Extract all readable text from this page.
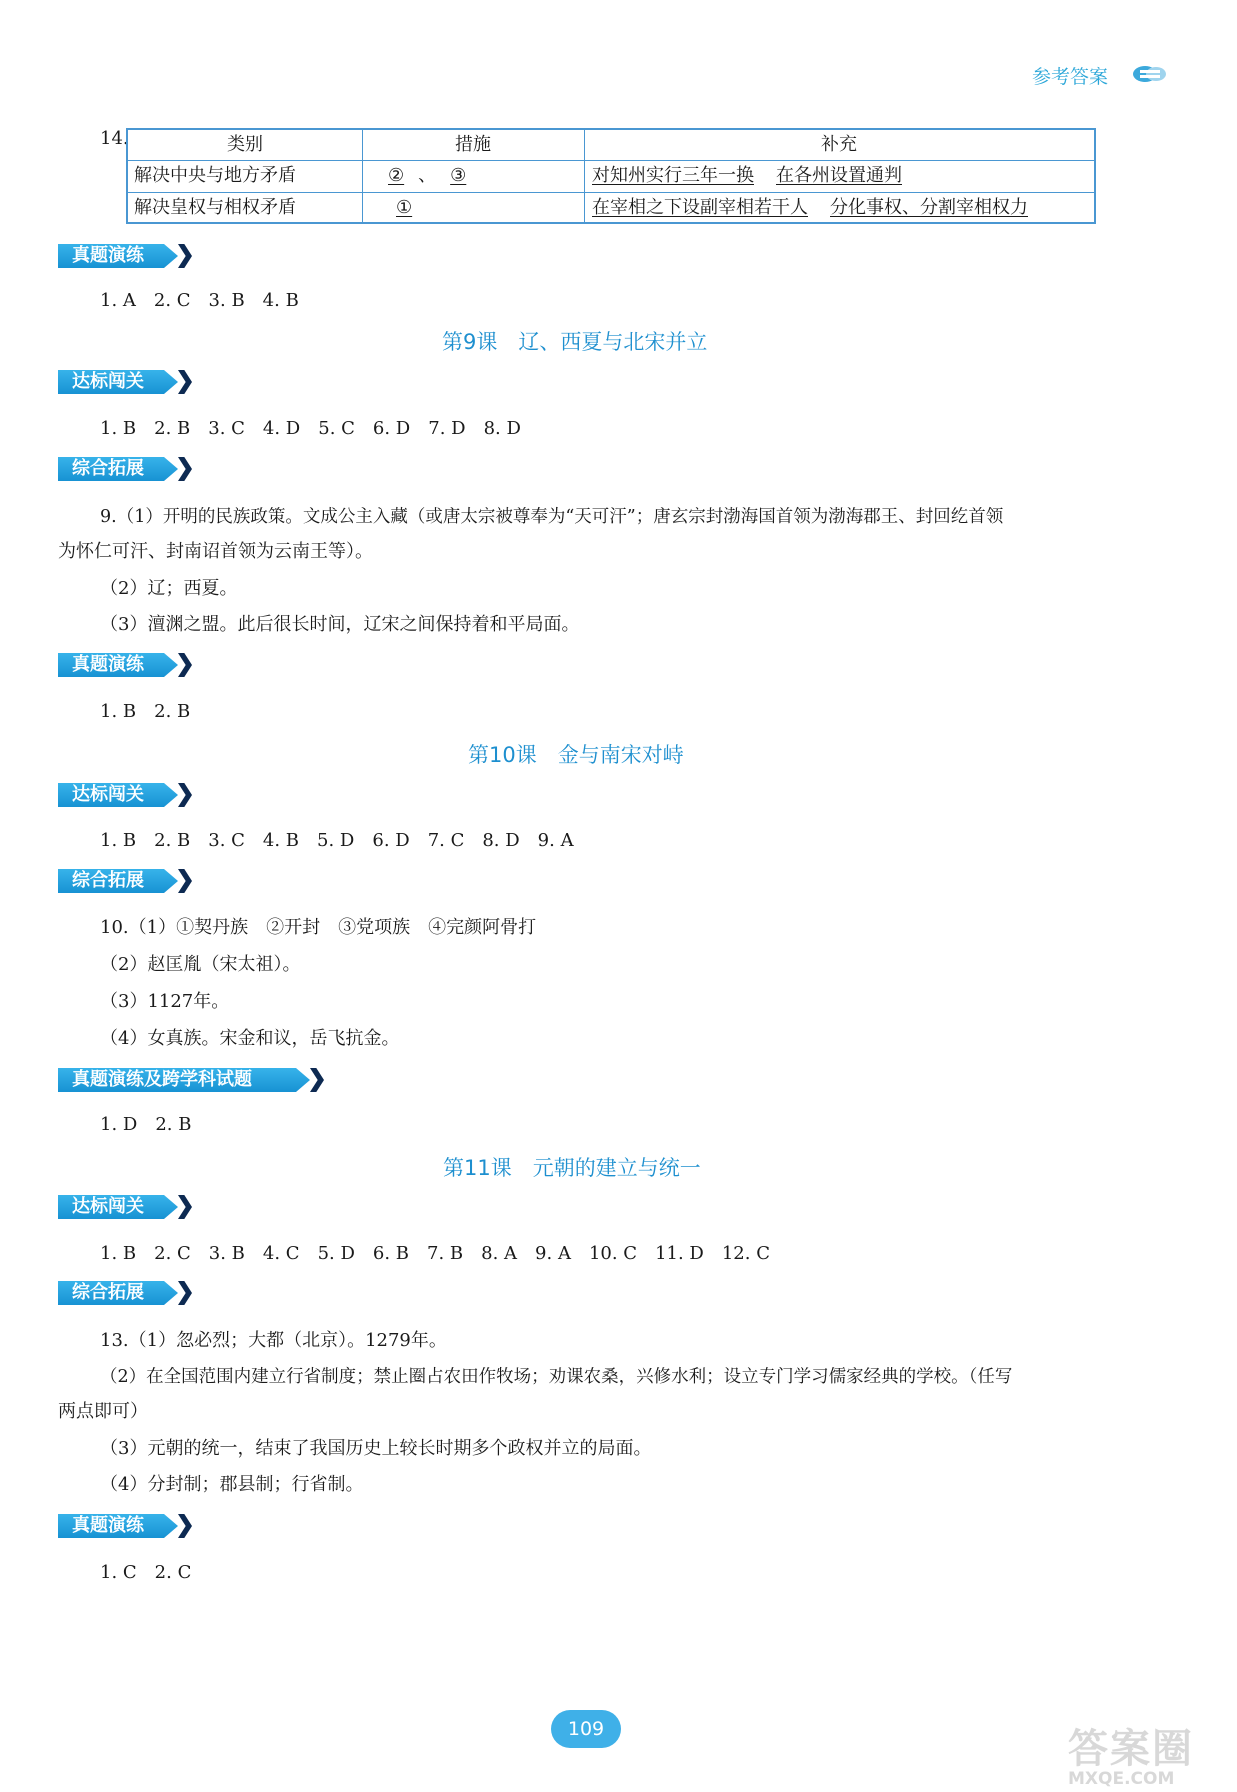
参考答案
14.	类别	措施	补充
解决中央与地方矛盾	② 、 ③	对知州实行三年一换 在各州设置通判
解决皇权与相权矛盾	①	在宰相之下设副宰相若干人 分化事权、分割宰相权力
真题演练
1. A　2. C　3. B　4. B
第9课　辽、西夏与北宋并立
达标闯关
1. B　2. B　3. C　4. D　5. C　6. D　7. D　8. D
综合拓展
9.（1）开明的民族政策。文成公主入藏（或唐太宗被尊奉为“天可汗”；唐玄宗封渤海国首领为渤海郡王、封回纥首领
为怀仁可汗、封南诏首领为云南王等）。
（2）辽；西夏。
（3）澶渊之盟。此后很长时间，辽宋之间保持着和平局面。
真题演练
1. B　2. B
第10课　金与南宋对峙
达标闯关
1. B　2. B　3. C　4. B　5. D　6. D　7. C　8. D　9. A
综合拓展
10.（1）①契丹族　②开封　③党项族　④完颜阿骨打
（2）赵匡胤（宋太祖）。
（3）1127年。
（4）女真族。宋金和议，岳飞抗金。
真题演练及跨学科试题
1. D　2. B
第11课　元朝的建立与统一
达标闯关
1. B　2. C　3. B　4. C　5. D　6. B　7. B　8. A　9. A　10. C　11. D　12. C
综合拓展
13.（1）忽必烈；大都（北京）。1279年。
（2）在全国范围内建立行省制度；禁止圈占农田作牧场；劝课农桑，兴修水利；设立专门学习儒家经典的学校。（任写
两点即可）
（3）元朝的统一，结束了我国历史上较长时期多个政权并立的局面。
（4）分封制；郡县制；行省制。
真题演练
1. C　2. C
109	答案圈
MXQE.COM
